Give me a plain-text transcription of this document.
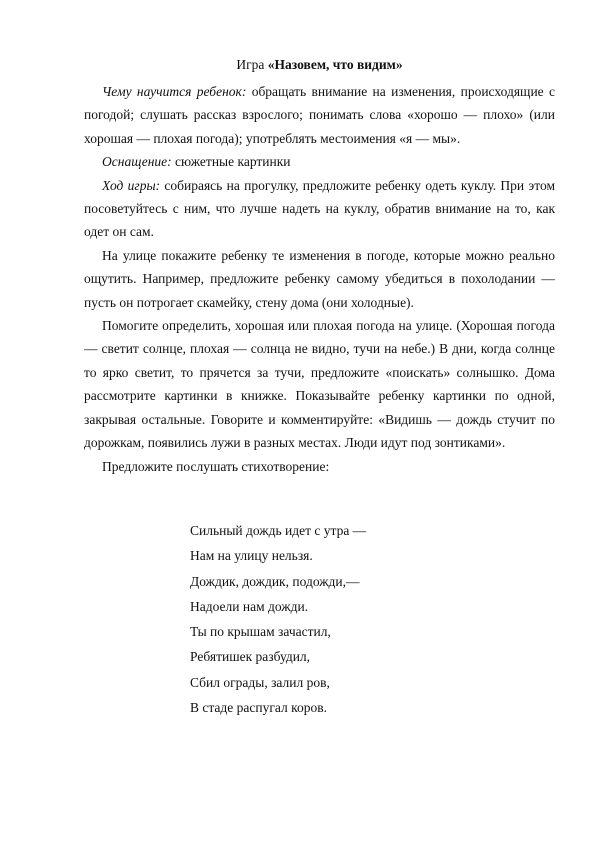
Игра «Назовем, что видим»

Чему научится ребенок: обращать внимание на изменения, происходящие с погодой; слушать рассказ взрослого; понимать слова «хорошо — плохо» (или хорошая — плохая погода); употреблять местоимения «я — мы».

Оснащение: сюжетные картинки

Ход игры: собираясь на прогулку, предложите ребенку одеть куклу. При этом посоветуйтесь с ним, что лучше надеть на куклу, обратив внимание на то, как одет он сам.

На улице покажите ребенку те изменения в погоде, которые можно реально ощутить. Например, предложите ребенку самому убедиться в похолодании — пусть он потрогает скамейку, стену дома (они холодные).

Помогите определить, хорошая или плохая погода на улице. (Хорошая погода — светит солнце, плохая — солнца не видно, тучи на небе.) В дни, когда солнце то ярко светит, то прячется за тучи, предложите «поискать» солнышко. Дома рассмотрите картинки в книжке. Показывайте ребенку картинки по одной, закрывая остальные. Говорите и комментируйте: «Видишь — дождь стучит по дорожкам, появились лужи в разных местах. Люди идут под зонтиками».

Предложите послушать стихотворение:

Сильный дождь идет с утра —
Нам на улицу нельзя.
Дождик, дождик, подожди,—
Надоели нам дожди.
Ты по крышам зачастил,
Ребятишек разбудил,
Сбил ограды, залил ров,
В стаде распугал коров.
